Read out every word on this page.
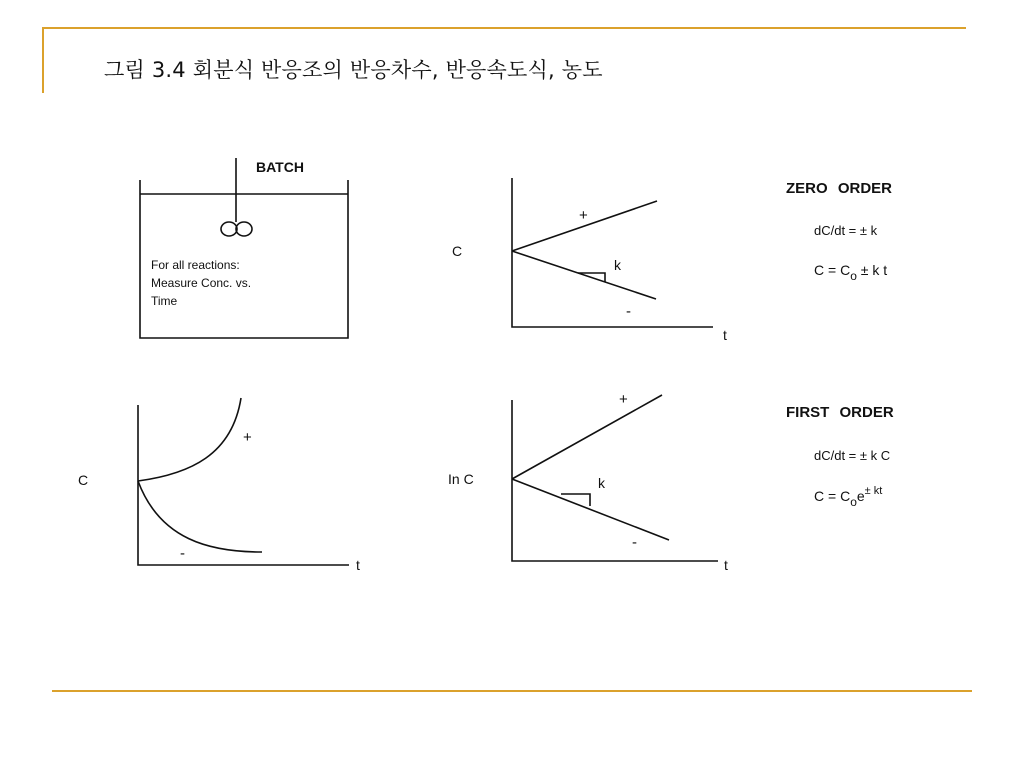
그림 3.4 회분식 반응조의 반응차수, 반응속도식, 농도
BATCH
For all reactions:
Measure Conc. vs.
Time
C
t
+
-
k
ZERO ORDER
dC/dt = ± k
C = Co ± k t
C
t
+
-
In C
t
+
-
k
FIRST ORDER
dC/dt = ± k C
C = Coe$^{\pm kt}$
